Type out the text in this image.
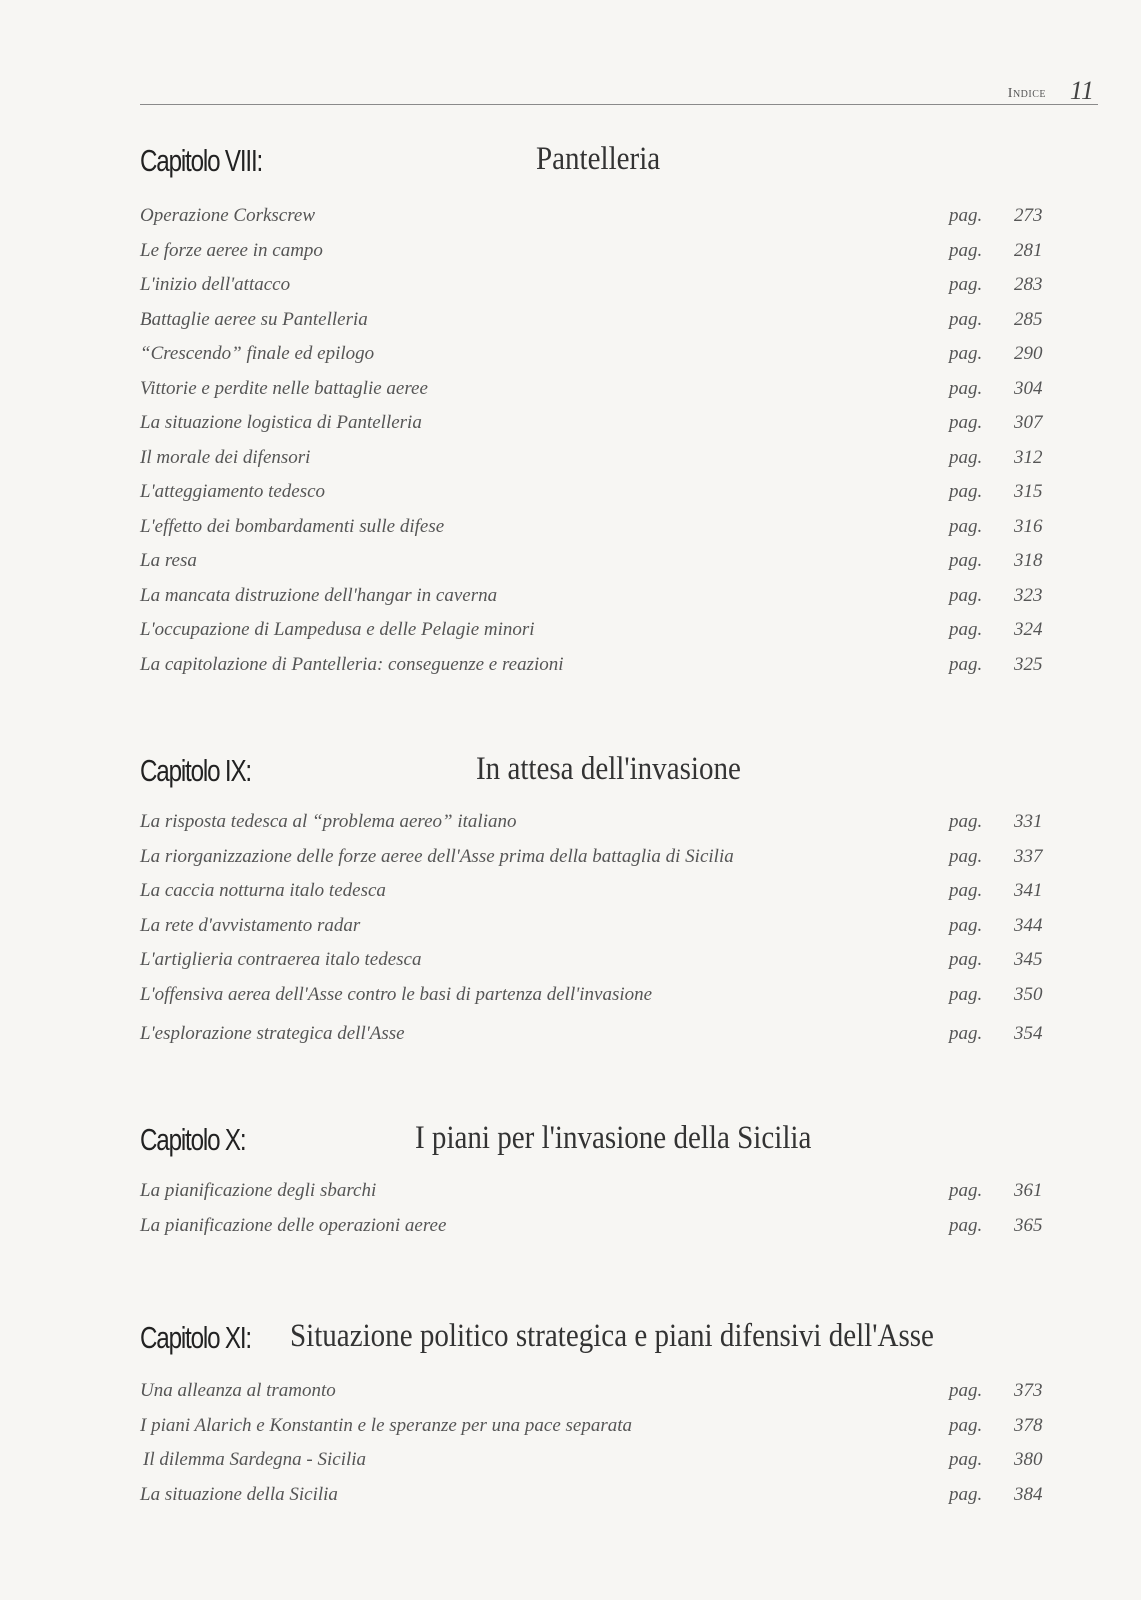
Indice 11
Capitolo VIII:	Pantelleria
Operazione Corkscrew	pag. 273
Le forze aeree in campo	pag. 281
L'inizio dell'attacco	pag. 283
Battaglie aeree su Pantelleria	pag. 285
“Crescendo” finale ed epilogo	pag. 290
Vittorie e perdite nelle battaglie aeree	pag. 304
La situazione logistica di Pantelleria	pag. 307
Il morale dei difensori	pag. 312
L'atteggiamento tedesco	pag. 315
L'effetto dei bombardamenti sulle difese	pag. 316
La resa	pag. 318
La mancata distruzione dell'hangar in caverna	pag. 323
L'occupazione di Lampedusa e delle Pelagie minori	pag. 324
La capitolazione di Pantelleria: conseguenze e reazioni	pag. 325
Capitolo IX:	In attesa dell'invasione
La risposta tedesca al “problema aereo” italiano	pag. 331
La riorganizzazione delle forze aeree dell'Asse prima della battaglia di Sicilia	pag. 337
La caccia notturna italo tedesca	pag. 341
La rete d'avvistamento radar	pag. 344
L'artiglieria contraerea italo tedesca	pag. 345
L'offensiva aerea dell'Asse contro le basi di partenza dell'invasione	pag. 350
L'esplorazione strategica dell'Asse	pag. 354
Capitolo X:	I piani per l'invasione della Sicilia
La pianificazione degli sbarchi	pag. 361
La pianificazione delle operazioni aeree	pag. 365
Capitolo XI: Situazione politico strategica e piani difensivi dell'Asse
Una alleanza al tramonto	pag. 373
I piani Alarich e Konstantin e le speranze per una pace separata	pag. 378
Il dilemma Sardegna - Sicilia	pag. 380
La situazione della Sicilia	pag. 384
